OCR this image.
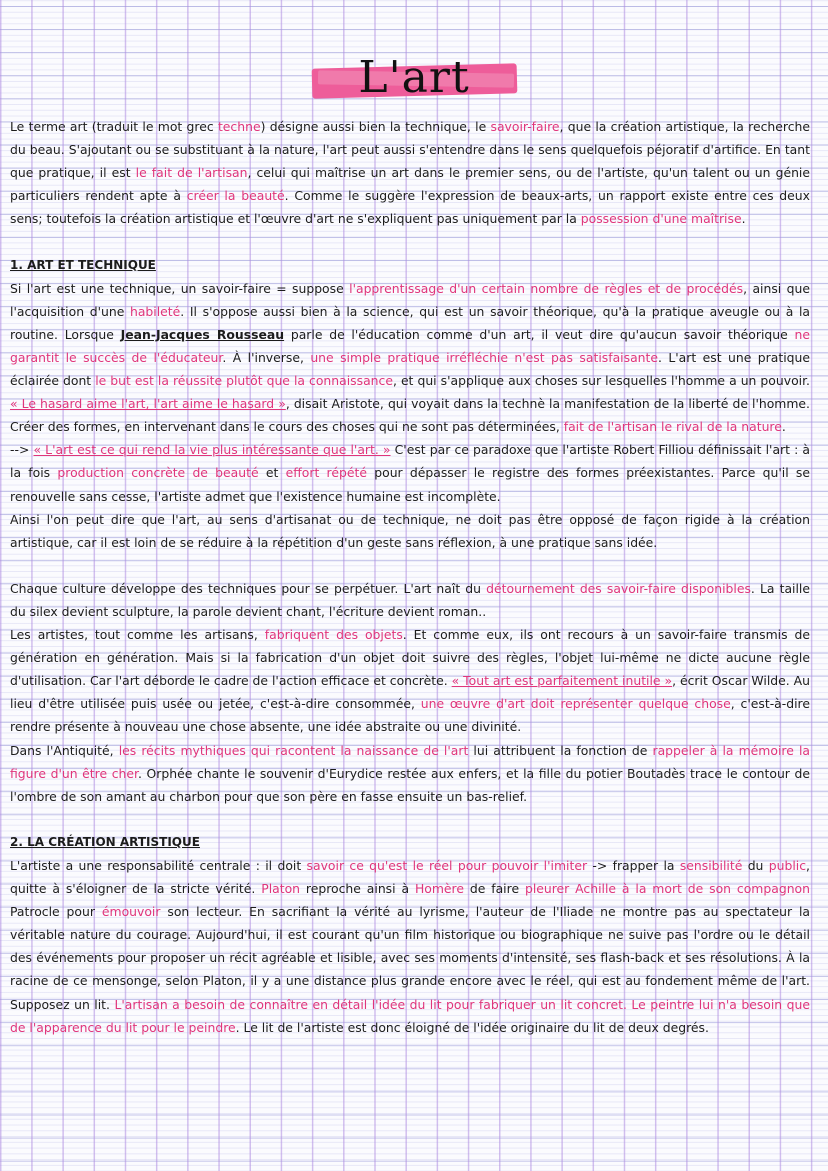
L'art

Le terme art (traduit le mot grec techne) désigne aussi bien la technique, le savoir-faire, que la création artistique, la recherche du beau. S'ajoutant ou se substituant à la nature, l'art peut aussi s'entendre dans le sens quelquefois péjoratif d'artifice. En tant que pratique, il est le fait de l'artisan, celui qui maîtrise un art dans le premier sens, ou de l'artiste, qu'un talent ou un génie particuliers rendent apte à créer la beauté. Comme le suggère l'expression de beaux-arts, un rapport existe entre ces deux sens; toutefois la création artistique et l'œuvre d'art ne s'expliquent pas uniquement par la possession d'une maîtrise.

1. ART ET TECHNIQUE

Si l'art est une technique, un savoir-faire = suppose l'apprentissage d'un certain nombre de règles et de procédés, ainsi que l'acquisition d'une habileté. Il s'oppose aussi bien à la science, qui est un savoir théorique, qu'à la pratique aveugle ou à la routine. Lorsque Jean-Jacques Rousseau parle de l'éducation comme d'un art, il veut dire qu'aucun savoir théorique ne garantit le succès de l'éducateur. À l'inverse, une simple pratique irréfléchie n'est pas satisfaisante. L'art est une pratique éclairée dont le but est la réussite plutôt que la connaissance, et qui s'applique aux choses sur lesquelles l'homme a un pouvoir. « Le hasard aime l'art, l'art aime le hasard », disait Aristote, qui voyait dans la technè la manifestation de la liberté de l'homme. Créer des formes, en intervenant dans le cours des choses qui ne sont pas déterminées, fait de l'artisan le rival de la nature.

--> « L'art est ce qui rend la vie plus intéressante que l'art. » C'est par ce paradoxe que l'artiste Robert Filliou définissait l'art : à la fois production concrète de beauté et effort répété pour dépasser le registre des formes préexistantes. Parce qu'il se renouvelle sans cesse, l'artiste admet que l'existence humaine est incomplète.

Ainsi l'on peut dire que l'art, au sens d'artisanat ou de technique, ne doit pas être opposé de façon rigide à la création artistique, car il est loin de se réduire à la répétition d'un geste sans réflexion, à une pratique sans idée.

Chaque culture développe des techniques pour se perpétuer. L'art naît du détournement des savoir-faire disponibles. La taille du silex devient sculpture, la parole devient chant, l'écriture devient roman..

Les artistes, tout comme les artisans, fabriquent des objets. Et comme eux, ils ont recours à un savoir-faire transmis de génération en génération. Mais si la fabrication d'un objet doit suivre des règles, l'objet lui-même ne dicte aucune règle d'utilisation. Car l'art déborde le cadre de l'action efficace et concrète. « Tout art est parfaitement inutile », écrit Oscar Wilde. Au lieu d'être utilisée puis usée ou jetée, c'est-à-dire consommée, une œuvre d'art doit représenter quelque chose, c'est-à-dire rendre présente à nouveau une chose absente, une idée abstraite ou une divinité.

Dans l'Antiquité, les récits mythiques qui racontent la naissance de l'art lui attribuent la fonction de rappeler à la mémoire la figure d'un être cher. Orphée chante le souvenir d'Eurydice restée aux enfers, et la fille du potier Boutadès trace le contour de l'ombre de son amant au charbon pour que son père en fasse ensuite un bas-relief.

2. LA CRÉATION ARTISTIQUE

L'artiste a une responsabilité centrale : il doit savoir ce qu'est le réel pour pouvoir l'imiter -> frapper la sensibilité du public, quitte à s'éloigner de la stricte vérité. Platon reproche ainsi à Homère de faire pleurer Achille à la mort de son compagnon Patrocle pour émouvoir son lecteur. En sacrifiant la vérité au lyrisme, l'auteur de l'Iliade ne montre pas au spectateur la véritable nature du courage. Aujourd'hui, il est courant qu'un film historique ou biographique ne suive pas l'ordre ou le détail des événements pour proposer un récit agréable et lisible, avec ses moments d'intensité, ses flash-back et ses résolutions. À la racine de ce mensonge, selon Platon, il y a une distance plus grande encore avec le réel, qui est au fondement même de l'art. Supposez un lit. L'artisan a besoin de connaître en détail l'idée du lit pour fabriquer un lit concret. Le peintre lui n'a besoin que de l'apparence du lit pour le peindre. Le lit de l'artiste est donc éloigné de l'idée originaire du lit de deux degrés.
